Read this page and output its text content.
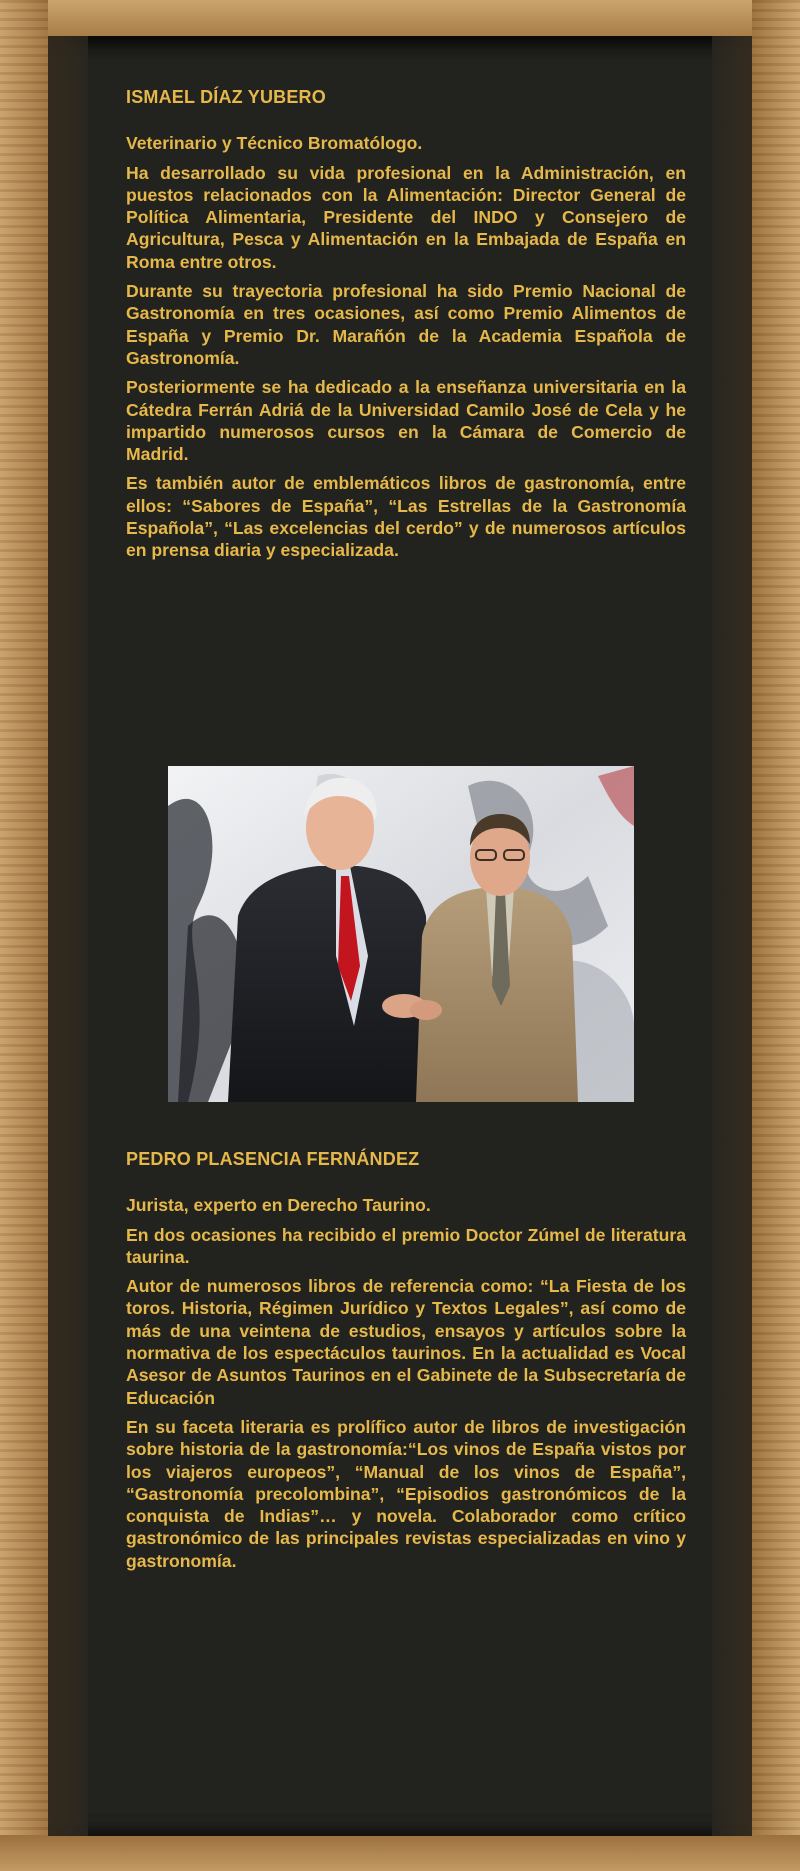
ISMAEL DÍAZ YUBERO

Veterinario y Técnico Bromatólogo.

Ha desarrollado su vida profesional en la Administración, en puestos relacionados con la Alimentación: Director General de Política Alimentaria, Presidente del INDO y Consejero de Agricultura, Pesca y Alimentación en la Embajada de España en Roma entre otros.

Durante su trayectoria profesional ha sido Premio Nacional de Gastronomía en tres ocasiones, así como Premio Alimentos de España y Premio Dr. Marañón de la Academia Española de Gastronomía.

Posteriormente se ha dedicado a la enseñanza universitaria en la Cátedra Ferrán Adriá de la Universidad Camilo José de Cela y he impartido numerosos cursos en la Cámara de Comercio de Madrid.

Es también autor de emblemáticos libros de gastronomía, entre ellos: “Sabores de España”, “Las Estrellas de la Gastronomía Española”, “Las excelencias del cerdo” y de numerosos artículos en prensa diaria y especializada.

PEDRO PLASENCIA FERNÁNDEZ

Jurista, experto en Derecho Taurino.

En dos ocasiones ha recibido el premio Doctor Zúmel de literatura taurina.

Autor de numerosos libros de referencia como: “La Fiesta de los toros. Historia, Régimen Jurídico y Textos Legales”, así como de más de una veintena de estudios, ensayos y artículos sobre la normativa de los espectáculos taurinos. En la actualidad es Vocal Asesor de Asuntos Taurinos en el Gabinete de la Subsecretaría de Educación

En su faceta literaria es prolífico autor de libros de investigación sobre historia de la gastronomía:“Los vinos de España vistos por los viajeros europeos”, “Manual de los vinos de España”, “Gastronomía precolombina”, “Episodios gastronómicos de la conquista de Indias”… y novela. Colaborador como crítico gastronómico de las principales revistas especializadas en vino y gastronomía.
